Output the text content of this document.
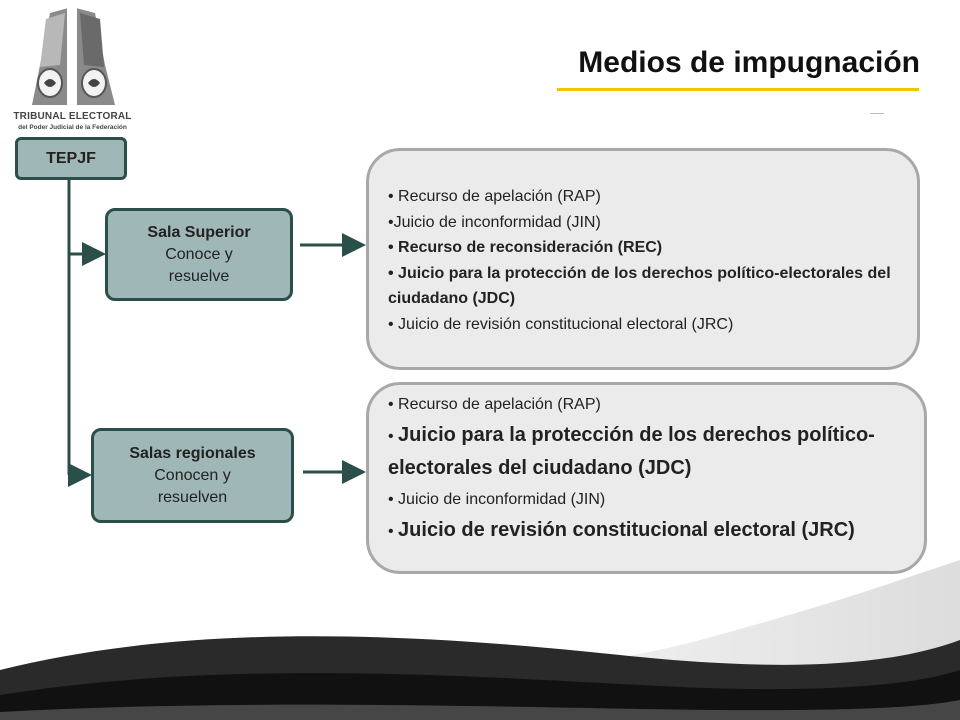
TRIBUNAL ELECTORAL
del Poder Judicial de la Federación
Medios de impugnación
TEPJF
Sala Superior
Conoce y
resuelve
Salas regionales
Conocen y
resuelven
• Recurso de apelación (RAP)
•Juicio de inconformidad (JIN)
• Recurso de reconsideración (REC)
• Juicio para la protección de los derechos político-electorales del ciudadano (JDC)
• Juicio de revisión constitucional electoral (JRC)
• Recurso de apelación (RAP)
• Juicio para la protección de los derechos político-electorales del ciudadano (JDC)
• Juicio de inconformidad (JIN)
• Juicio de revisión constitucional electoral (JRC)
